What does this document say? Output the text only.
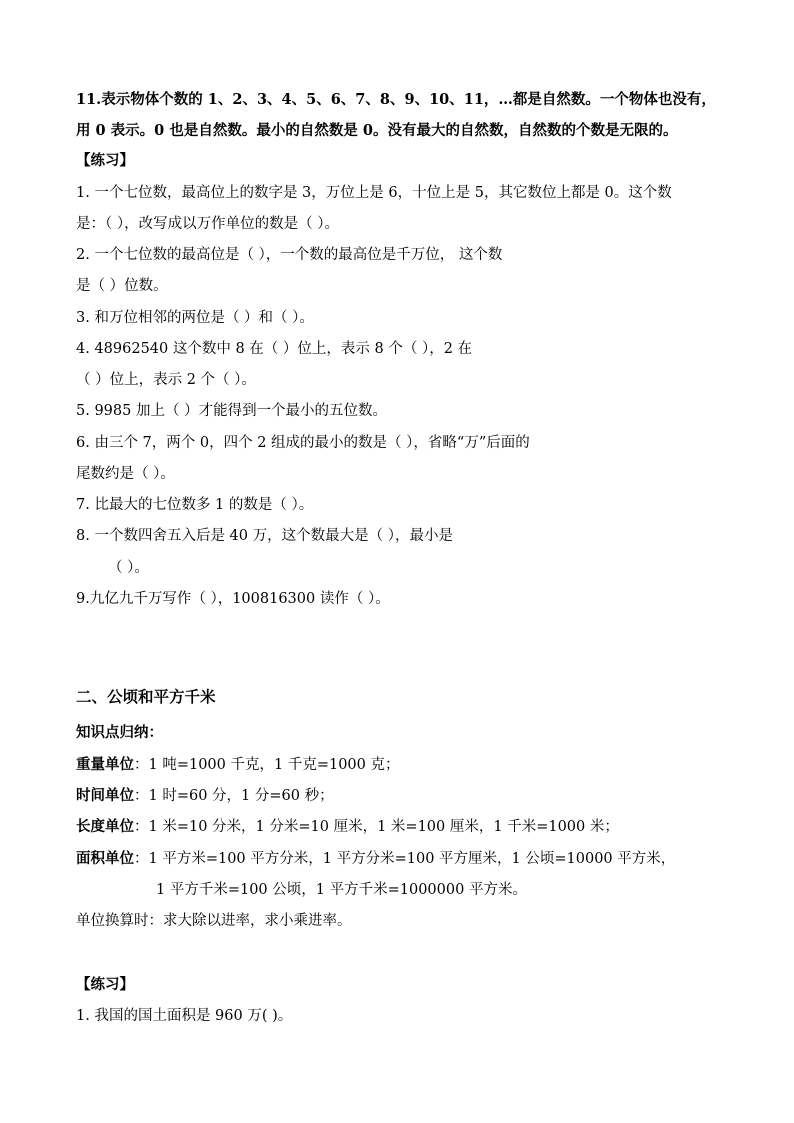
11.表示物体个数的 1、2、3、4、5、6、7、8、9、10、11，…都是自然数。一个物体也没有，
用 0 表示。0 也是自然数。最小的自然数是 0。没有最大的自然数，自然数的个数是无限的。
【练习】
1. 一个七位数，最高位上的数字是 3，万位上是 6，十位上是 5，其它数位上都是 0。这个数
是：（ ），改写成以万作单位的数是（ ）。
2. 一个七位数的最高位是（ ），一个数的最高位是千万位， 这个数
是（ ）位数。
3. 和万位相邻的两位是（ ）和（ ）。
4. 48962540 这个数中 8 在（ ）位上，表示 8 个（ ），2 在
（ ）位上，表示 2 个（ ）。
5. 9985 加上（ ）才能得到一个最小的五位数。
6. 由三个 7，两个 0，四个 2 组成的最小的数是（ ），省略“万”后面的
尾数约是（ ）。
7. 比最大的七位数多 1 的数是（ ）。
8. 一个数四舍五入后是 40 万，这个数最大是（ ），最小是
（ ）。
9.九亿九千万写作（ ），100816300 读作（ ）。
二、公顷和平方千米
知识点归纳：
重量单位：1 吨=1000 千克，1 千克=1000 克；
时间单位：1 时=60 分，1 分=60 秒；
长度单位：1 米=10 分米，1 分米=10 厘米，1 米=100 厘米，1 千米=1000 米；
面积单位：1 平方米=100 平方分米，1 平方分米=100 平方厘米，1 公顷=10000 平方米，
1 平方千米=100 公顷，1 平方千米=1000000 平方米。
单位换算时：求大除以进率，求小乘进率。
【练习】
1. 我国的国土面积是 960 万( )。
